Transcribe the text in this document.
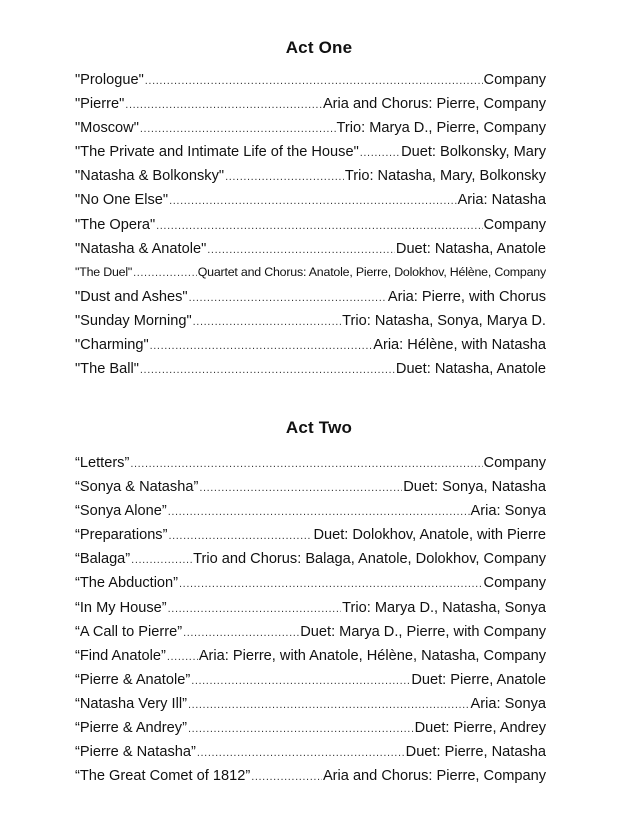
Act One
"Prologue" .....	Company
"Pierre" .....	Aria and Chorus: Pierre, Company
"Moscow" .....	Trio: Marya D., Pierre, Company
"The Private and Intimate Life of the House" .....	Duet: Bolkonsky, Mary
"Natasha & Bolkonsky" .....	Trio: Natasha, Mary, Bolkonsky
"No One Else" .....	Aria: Natasha
"The Opera" .....	Company
"Natasha & Anatole" .....	Duet: Natasha, Anatole
"The Duel" .....	Quartet and Chorus: Anatole, Pierre, Dolokhov, Hélène, Company
"Dust and Ashes" .....	Aria: Pierre, with Chorus
"Sunday Morning" .....	Trio: Natasha, Sonya, Marya D.
"Charming" .....	Aria: Hélène, with Natasha
"The Ball" .....	Duet: Natasha, Anatole
Act Two
“Letters” .....	Company
“Sonya & Natasha” .....	Duet: Sonya, Natasha
“Sonya Alone” .....	Aria: Sonya
“Preparations” .....	Duet: Dolokhov, Anatole, with Pierre
“Balaga” .....	Trio and Chorus: Balaga, Anatole, Dolokhov, Company
“The Abduction” .....	Company
“In My House” .....	Trio: Marya D., Natasha, Sonya
“A Call to Pierre” .....	Duet: Marya D., Pierre, with Company
“Find Anatole” ..... Aria: Pierre, with Anatole, Hélène, Natasha, Company
“Pierre & Anatole” .....	Duet: Pierre, Anatole
“Natasha Very Ill” .....	Aria: Sonya
“Pierre & Andrey” .....	Duet: Pierre, Andrey
“Pierre & Natasha” .....	Duet: Pierre, Natasha
“The Great Comet of 1812” .....	Aria and Chorus: Pierre, Company
